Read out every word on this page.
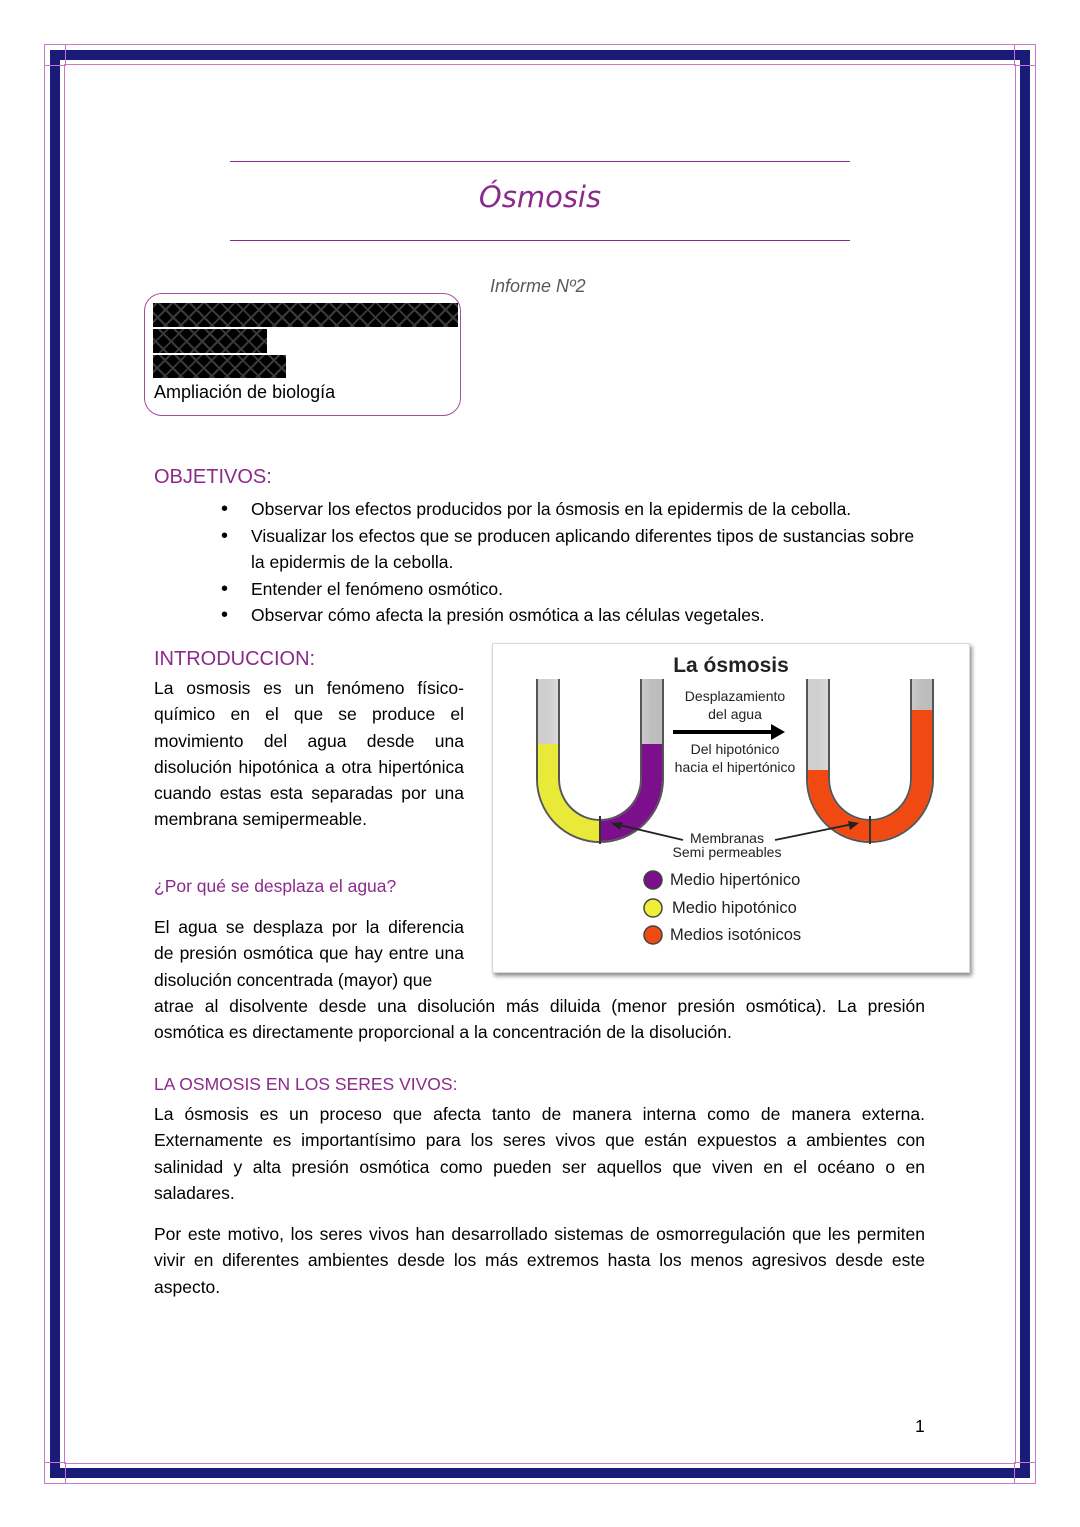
Ósmosis
Informe Nº2
Ampliación de biología
OBJETIVOS:
• Observar los efectos producidos por la ósmosis en la epidermis de la cebolla.
• Visualizar los efectos que se producen aplicando diferentes tipos de sustancias sobre la epidermis de la cebolla.
• Entender el fenómeno osmótico.
• Observar cómo afecta la presión osmótica a las células vegetales.
INTRODUCCION:

La osmosis es un fenómeno físico-químico en el que se produce el movimiento del agua desde una disolución hipotónica a otra hipertónica cuando estas esta separadas por una membrana semipermeable.

¿Por qué se desplaza el agua?

El agua se desplaza por la diferencia de presión osmótica que hay entre una disolución concentrada (mayor) que

atrae al disolvente desde una disolución más diluida (menor presión osmótica). La presión osmótica es directamente proporcional a la concentración de la disolución.

La ósmosis
Desplazamiento
del agua
Del hipotónico
hacia el hipertónico
Membranas
Semi permeables
Medio hipertónico
Medio hipotónico
Medios isotónicos
LA OSMOSIS EN LOS SERES VIVOS:

La ósmosis es un proceso que afecta tanto de manera interna como de manera externa. Externamente es importantísimo para los seres vivos que están expuestos a ambientes con salinidad y alta presión osmótica como pueden ser aquellos que viven en el océano o en saladares.

Por este motivo, los seres vivos han desarrollado sistemas de osmorregulación que les permiten vivir en diferentes ambientes desde los más extremos hasta los menos agresivos desde este aspecto.

1
